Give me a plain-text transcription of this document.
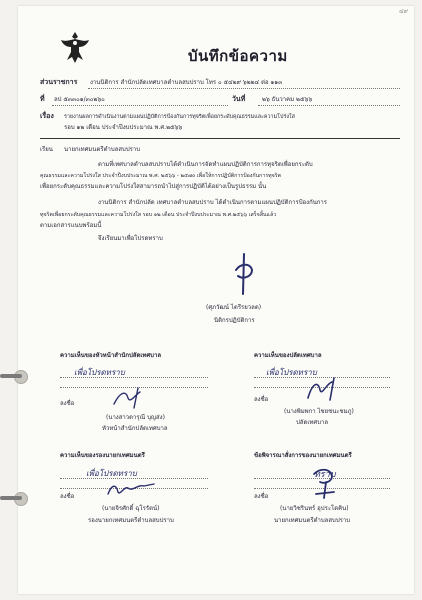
๔๙
บันทึกข้อความ
ส่วนราชการ งานนิติการ สำนักปลัดเทศบาลตำบลสบปราบ โทร ๐ ๕๔๒๙ ๖๒๒๔ ต่อ ๑๑๓
ที่ ลป ๕๓๓๐๑/๓๐๒๖๐	วันที่	๒๖ ธันวาคม ๒๕๖๖
เรื่อง รายงานผลการดำเนินงานตามแผนปฏิบัติการป้องกันการทุจริตเพื่อยกระดับคุณธรรมและความโปร่งใส
รอบ ๑๒ เดือน ประจำปีงบประมาณ พ.ศ.๒๕๖๖
เรียน นายกเทศมนตรีตำบลสบปราบ
ตามที่เทศบาลตำบลสบปราบได้ดำเนินการจัดทำแผนปฏิบัติการการทุจริตเพื่อยกระดับ
คุณธรรมและความโปร่งใส ประจำปีงบประมาณ พ.ศ. ๒๕๖๖ - ๒๕๗๐ เพื่อให้การปฏิบัติการป้องกันการทุจริต
เพื่อยกระดับคุณธรรมและความโปร่งใสสามารถนำไปสู่การปฏิบัติได้อย่างเป็นรูปธรรม นั้น
งานนิติการ สำนักปลัด เทศบาลตำบลสบปราบ ได้ดำเนินการตามแผนปฏิบัติการป้องกันการ
ทุจริตเพื่อยกระดับคุณธรรมและความโปร่งใส รอบ ๑๒ เดือน ประจำปีงบประมาณ พ.ศ.๒๕๖๖ เสร็จสิ้นแล้ว
ตามเอกสารแนบพร้อมนี้
จึงเรียนมาเพื่อโปรดทราบ
(ศุภวัฒน์ ไตรีรยวลด)
นิติกรปฏิบัติการ
ความเห็นของหัวหน้าสำนักปลัดเทศบาล
เพื่อโปรดทราบ
ลงชื่อ
(นางสาวดารุณี บุญส่ง)
หัวหน้าสำนักปลัดเทศบาล
ความเห็นของปลัดเทศบาล
เพื่อโปรดทราบ
ลงชื่อ
(นางพิมพกา ไชยชนะชมภู)
ปลัดเทศบาล
ความเห็นของรองนายกเทศมนตรี
เพื่อโปรดทราบ
ลงชื่อ
(นายจิรศักดิ์ ฉุโรรัตน์)
รองนายกเทศมนตรีตำบลสบปราบ
ข้อพิจารณาสั่งการของนายกเทศมนตรี
ทราบ
ลงชื่อ
(นายวิชรินทร์ อุประโดคิน)
นายกเทศมนตรีตำบลสบปราบ
